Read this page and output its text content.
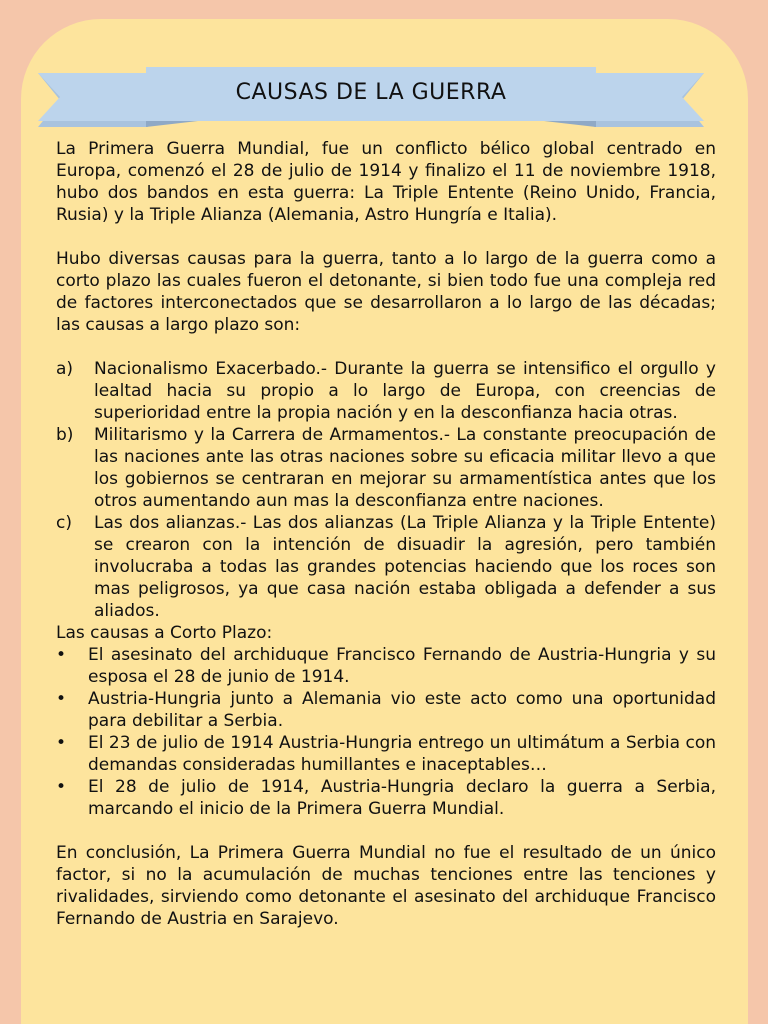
CAUSAS DE LA GUERRA

La Primera Guerra Mundial, fue un conflicto bélico global centrado en Europa, comenzó el 28 de julio de 1914 y finalizo el 11 de noviembre 1918, hubo dos bandos en esta guerra: La Triple Entente (Reino Unido, Francia, Rusia) y la Triple Alianza (Alemania, Astro Hungría e Italia).

Hubo diversas causas para la guerra, tanto a lo largo de la guerra como a corto plazo las cuales fueron el detonante, si bien todo fue una compleja red de factores interconectados que se desarrollaron a lo largo de las décadas; las causas a largo plazo son:

a) Nacionalismo Exacerbado.- Durante la guerra se intensifico el orgullo y lealtad hacia su propio a lo largo de Europa, con creencias de superioridad entre la propia nación y en la desconfianza hacia otras.
b) Militarismo y la Carrera de Armamentos.- La constante preocupación de las naciones ante las otras naciones sobre su eficacia militar llevo a que los gobiernos se centraran en mejorar su armamentística antes que los otros aumentando aun mas la desconfianza entre naciones.
c) Las dos alianzas.- Las dos alianzas (La Triple Alianza y la Triple Entente) se crearon con la intención de disuadir la agresión, pero también involucraba a todas las grandes potencias haciendo que los roces son mas peligrosos, ya que casa nación estaba obligada a defender a sus aliados.

Las causas a Corto Plazo:

• El asesinato del archiduque Francisco Fernando de Austria-Hungria y su esposa el 28 de junio de 1914.
• Austria-Hungria junto a Alemania vio este acto como una oportunidad para debilitar a Serbia.
• El 23 de julio de 1914 Austria-Hungria entrego un ultimátum a Serbia con demandas consideradas humillantes e inaceptables…
• El 28 de julio de 1914, Austria-Hungria declaro la guerra a Serbia, marcando el inicio de la Primera Guerra Mundial.

En conclusión, La Primera Guerra Mundial no fue el resultado de un único factor, si no la acumulación de muchas tenciones entre las tenciones y rivalidades, sirviendo como detonante el asesinato del archiduque Francisco Fernando de Austria en Sarajevo.
